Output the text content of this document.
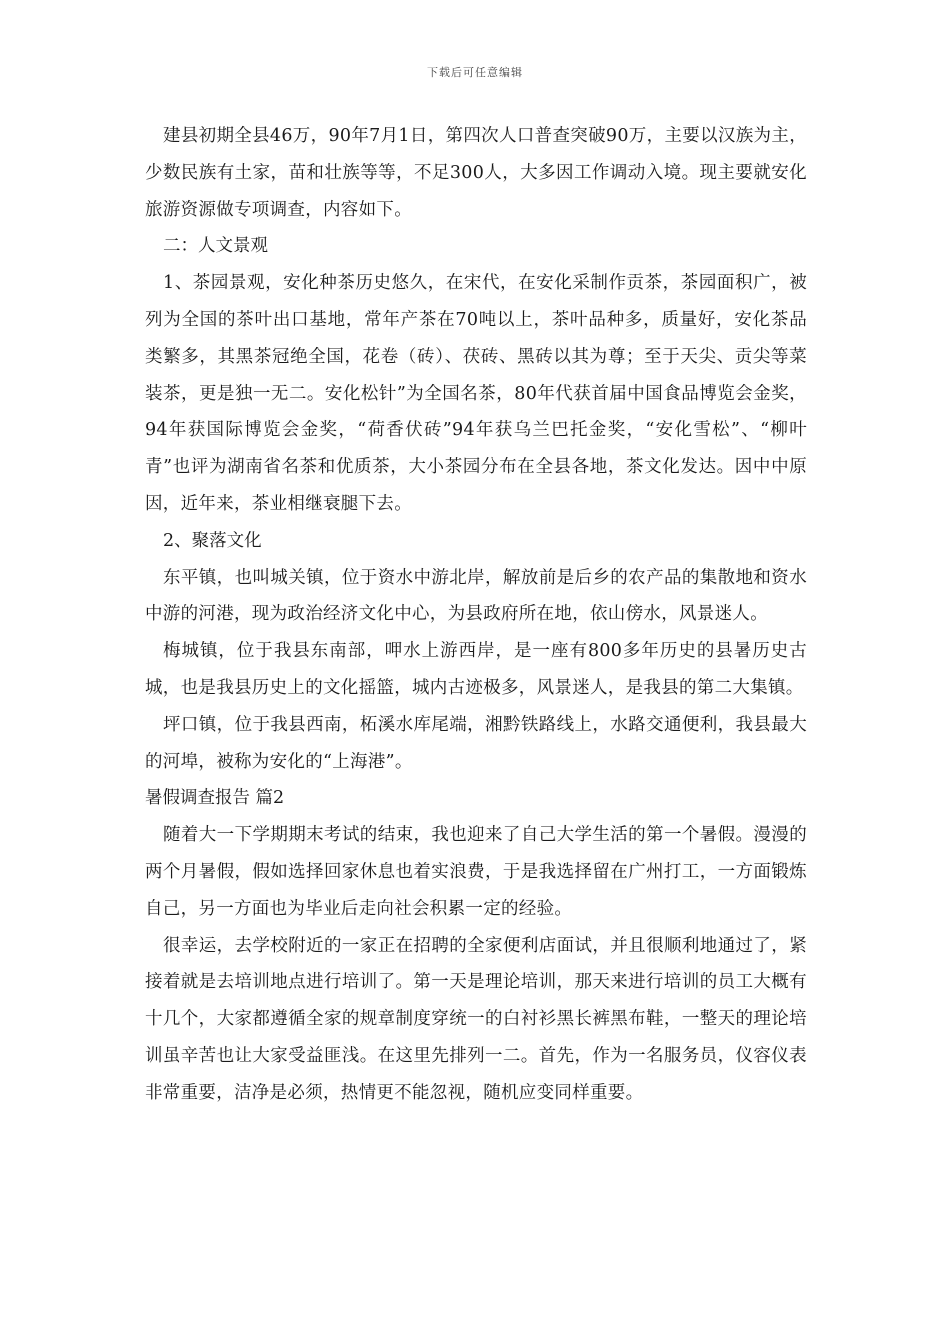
下载后可任意编辑

建县初期全县46万，90年7月1日，第四次人口普查突破90万，主要以汉族为主，少数民族有土家，苗和壮族等等，不足300人，大多因工作调动入境。现主要就安化旅游资源做专项调查，内容如下。

二：人文景观

1、茶园景观，安化种茶历史悠久，在宋代，在安化采制作贡茶，茶园面积广，被列为全国的茶叶出口基地，常年产茶在70吨以上，茶叶品种多，质量好，安化茶品类繁多，其黑茶冠绝全国，花卷（砖）、茯砖、黑砖以其为尊；至于天尖、贡尖等菜装茶，更是独一无二。安化松针”为全国名茶，80年代获首届中国食品博览会金奖，94年获国际博览会金奖，“荷香伏砖”94年获乌兰巴托金奖，“安化雪松”、“柳叶青”也评为湖南省名茶和优质茶，大小茶园分布在全县各地，茶文化发达。因中中原因，近年来，茶业相继衰腿下去。

2、聚落文化

东平镇，也叫城关镇，位于资水中游北岸，解放前是后乡的农产品的集散地和资水中游的河港，现为政治经济文化中心，为县政府所在地，依山傍水，风景迷人。

梅城镇，位于我县东南部，呷水上游西岸，是一座有800多年历史的县暑历史古城，也是我县历史上的文化摇篮，城内古迹极多，风景迷人，是我县的第二大集镇。

坪口镇，位于我县西南，柘溪水库尾端，湘黔铁路线上，水路交通便利，我县最大的河埠，被称为安化的“上海港”。

暑假调查报告 篇2

随着大一下学期期末考试的结束，我也迎来了自己大学生活的第一个暑假。漫漫的两个月暑假，假如选择回家休息也着实浪费，于是我选择留在广州打工，一方面锻炼自己，另一方面也为毕业后走向社会积累一定的经验。

很幸运，去学校附近的一家正在招聘的全家便利店面试，并且很顺利地通过了，紧接着就是去培训地点进行培训了。第一天是理论培训，那天来进行培训的员工大概有十几个，大家都遵循全家的规章制度穿统一的白衬衫黑长裤黑布鞋，一整天的理论培训虽辛苦也让大家受益匪浅。在这里先排列一二。首先，作为一名服务员，仪容仪表非常重要，洁净是必须，热情更不能忽视，随机应变同样重要。
